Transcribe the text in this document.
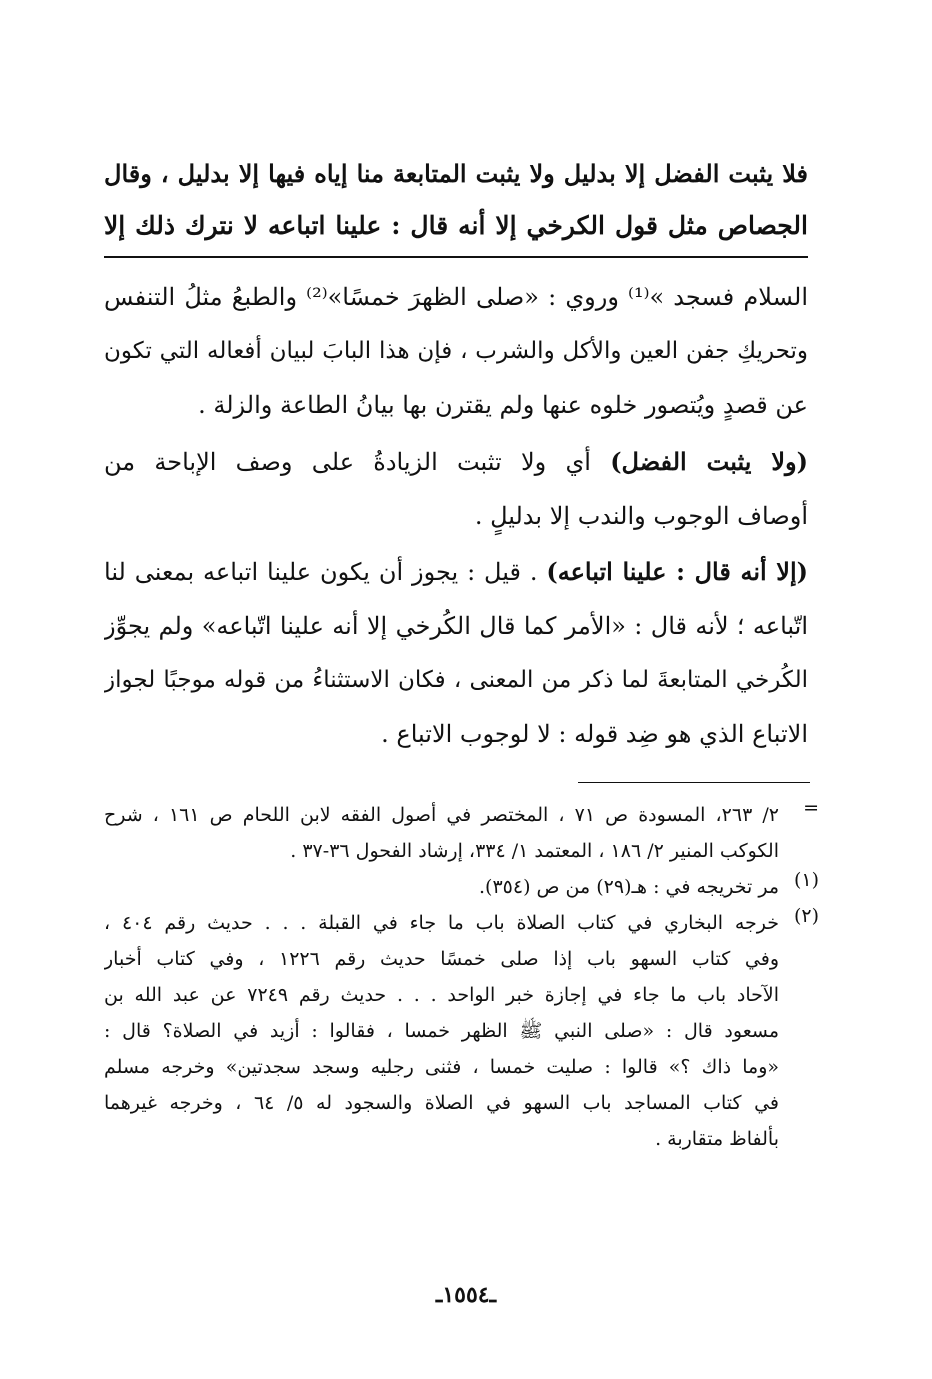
فلا يثبت الفضل إلا بدليل ولا يثبت المتابعة منا إياه فيها إلا بدليل ، وقال
الجصاص مثل قول الكرخي إلا أنه قال : علينا اتباعه لا نترك ذلك إلا
السلام فسجد »⁽¹⁾ وروي : «صلى الظهرَ خمسًا»⁽²⁾ والطبعُ مثلُ التنفس
وتحريكِ جفن العين والأكل والشرب ، فإن هذا البابَ لبيان أفعاله التي تكون
عن قصدٍ ويُتصور خلوه عنها ولم يقترن بها بيانُ الطاعة والزلة .
(ولا يثبت الفضل) أي ولا تثبت الزيادةُ على وصف الإباحة من
أوصاف الوجوب والندب إلا بدليلٍ .
(إلا أنه قال : علينا اتباعه) . قيل : يجوز أن يكون علينا اتباعه بمعنى لنا
اتّباعه ؛ لأنه قال : «الأمر كما قال الكُرخي إلا أنه علينا اتّباعه» ولم يجوِّز
الكُرخي المتابعةَ لما ذكر من المعنى ، فكان الاستثناءُ من قوله موجبًا لجواز
الاتباع الذي هو ضِد قوله : لا لوجوب الاتباع .
=
٢/ ٢٦٣، المسودة ص ٧١ ، المختصر في أصول الفقه لابن اللحام ص ١٦١ ، شرح
الكوكب المنير ٢/ ١٨٦ ، المعتمد ١/ ٣٣٤، إرشاد الفحول ٣٦-٣٧ .
(١)
مر تخريجه في : هـ(٢٩) من ص (٣٥٤).
(٢)
خرجه البخاري في كتاب الصلاة باب ما جاء في القبلة . . . حديث رقم ٤٠٤ ،
وفي كتاب السهو باب إذا صلى خمسًا حديث رقم ١٢٢٦ ، وفي كتاب أخبار
الآحاد باب ما جاء في إجازة خبر الواحد . . . حديث رقم ٧٢٤٩ عن عبد الله بن
مسعود قال : «صلى النبي ﷺ الظهر خمسا ، فقالوا : أزيد في الصلاة؟ قال :
«وما ذاك ؟» قالوا : صليت خمسا ، فثنى رجليه وسجد سجدتين» وخرجه مسلم
في كتاب المساجد باب السهو في الصلاة والسجود له ٥/ ٦٤ ، وخرجه غيرهما
بألفاظ متقاربة .
ـ١٥٥٤ـ
